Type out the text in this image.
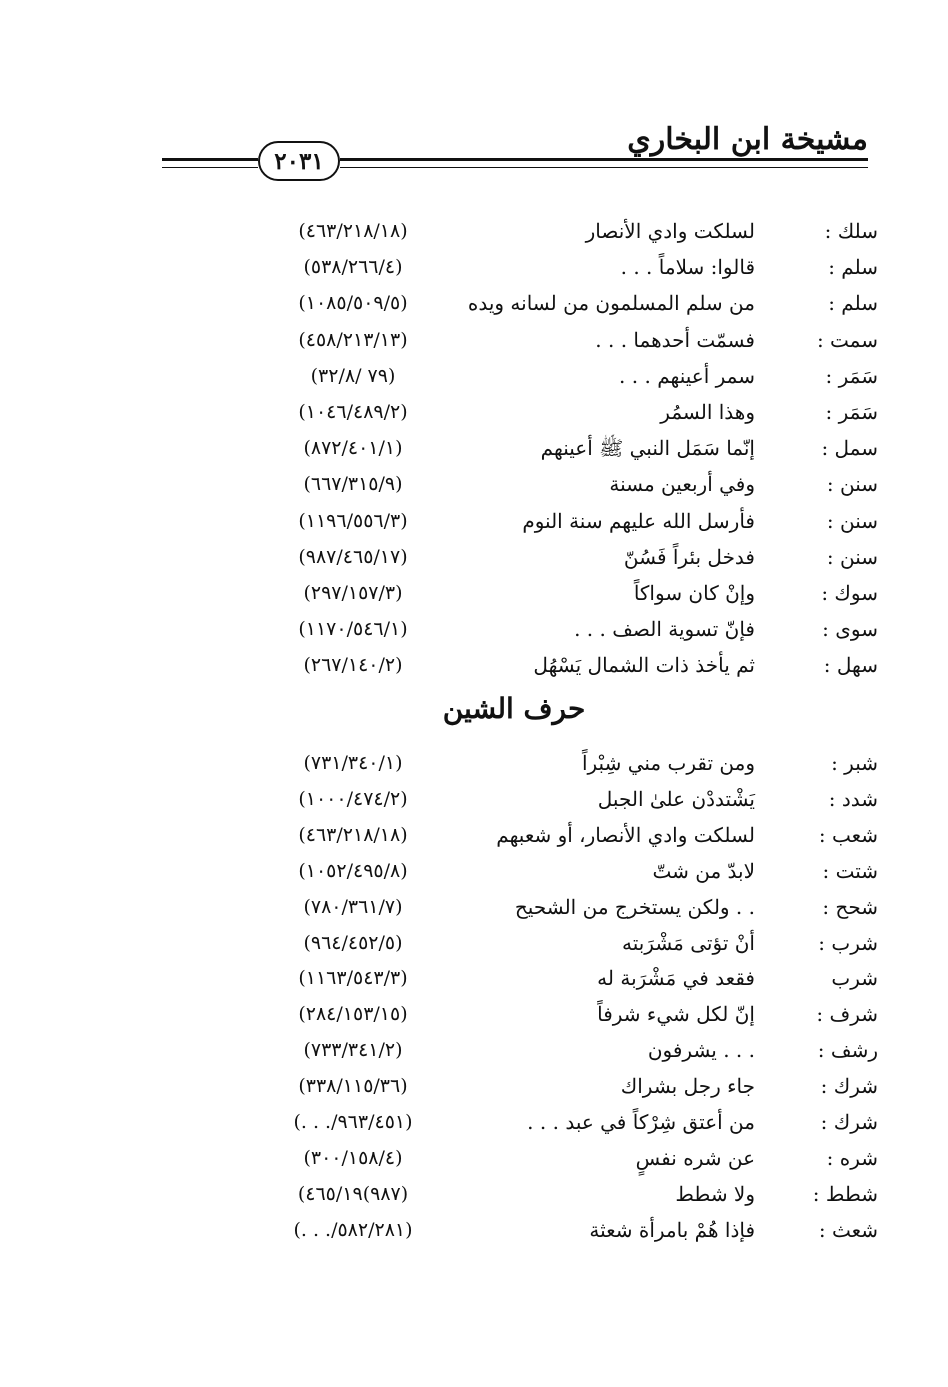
مشيخة ابن البخاري
٢٠٣١
سلك :
لسلكت وادي الأنصار
(٤٦٣/٢١٨/١٨)
سلم :
قالوا: سلاماً . . .
(٥٣٨/٢٦٦/٤)
سلم :
من سلم المسلمون من لسانه ويده
(١٠٨٥/٥٠٩/٥)
سمت :
فسمّت أحدهما . . .
(٤٥٨/٢١٣/١٣)
سَمَر :
سمر أعينهم . . .
(٧٩ /٣٢/٨)
سَمَر :
وهذا السمُر
(١٠٤٦/٤٨٩/٢)
سمل :
إنّما سَمَل النبي ﷺ أعينهم
(٨٧٢/٤٠١/١)
سنن :
وفي أربعين مسنة
(٦٦٧/٣١٥/٩)
سنن :
فأرسل الله عليهم سنة النوم
(١١٩٦/٥٥٦/٣)
سنن :
فدخل بئراً فَسُنّ
(٩٨٧/٤٦٥/١٧)
سوك :
وإنْ كان سواكاً
(٢٩٧/١٥٧/٣)
سوى :
فإنّ تسوية الصف . . .
(١١٧٠/٥٤٦/١)
سهل :
ثم يأخذ ذات الشمال يَسْهُل
(٢٦٧/١٤٠/٢)
حرف الشين
شبر :
ومن تقرب مني شِبْراً
(٧٣١/٣٤٠/١)
شدد :
يَشْتددْن علىٰ الجبل
(١٠٠٠/٤٧٤/٢)
شعب :
لسلكت وادي الأنصار، أو شعبهم
(٤٦٣/٢١٨/١٨)
شتت :
لابدّ من شتّ
(١٠٥٢/٤٩٥/٨)
شحح :
. . ولكن يستخرج من الشحيح
(٧٨٠/٣٦١/٧)
شرب :
أنْ تؤتى مَشْرَبته
(٩٦٤/٤٥٢/٥)
شرب
فقعد في مَشْرَبة له
(١١٦٣/٥٤٣/٣)
شرف :
إنّ لكل شيء شرفاً
(٢٨٤/١٥٣/١٥)
رشف :
. . . يشرفون
(٧٣٣/٣٤١/٢)
شرك :
جاء رجل بشراك
(٣٣٨/١١٥/٣٦)
شرك :
من أعتق شِرْكاً في عبد . . .
(٩٦٣/٤٥١/. . .)
شره :
عن شره نفسٍ
(٣٠٠/١٥٨/٤)
شطط :
ولا شطط
(٩٨٧)٤٦٥/١٩)
شعث :
فإذا هُمْ بامرأة شعثة
(٥٨٢/٢٨١/. . .)
